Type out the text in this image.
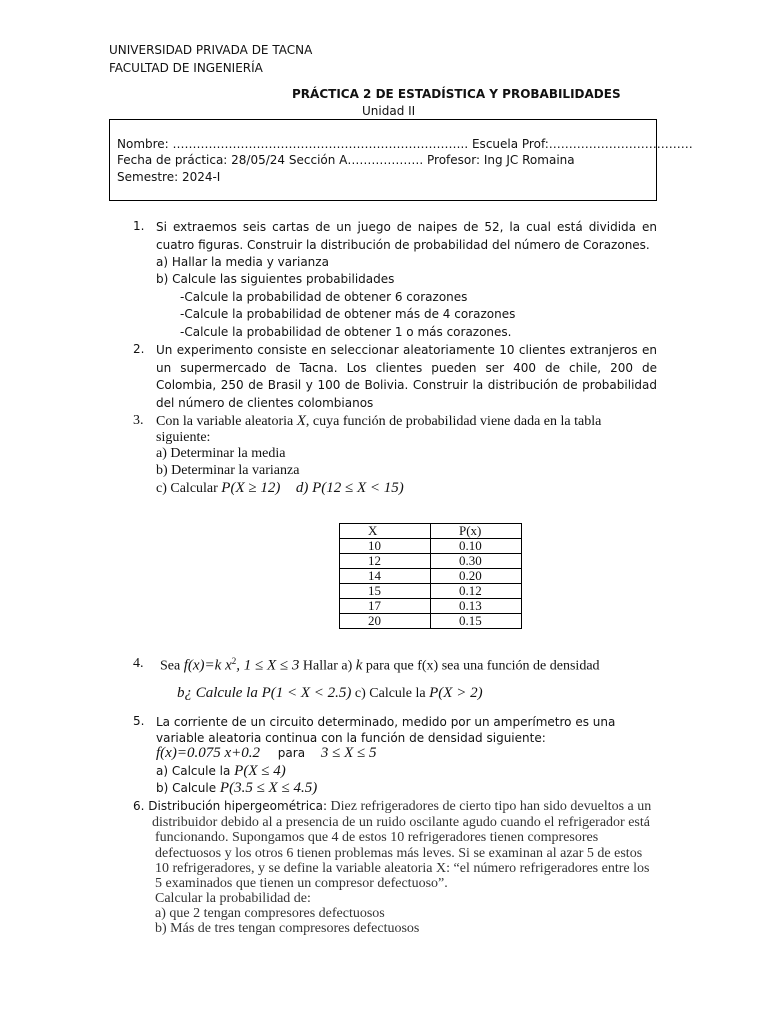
UNIVERSIDAD PRIVADA DE TACNA
FACULTAD DE INGENIERÍA
PRÁCTICA 2 DE ESTADÍSTICA Y PROBABILIDADES
Unidad II
Nombre: ……………………………………………………………….. Escuela Prof:………………………………
Fecha de práctica: 28/05/24 Sección A………………. Profesor: Ing JC Romaina
Semestre: 2024-I
1. Si extraemos seis cartas de un juego de naipes de 52, la cual está dividida en cuatro figuras. Construir la distribución de probabilidad del número de Corazones.
a) Hallar la media y varianza
b) Calcule las siguientes probabilidades
-Calcule la probabilidad de obtener 6 corazones
-Calcule la probabilidad de obtener más de 4 corazones
-Calcule la probabilidad de obtener 1 o más corazones.
2. Un experimento consiste en seleccionar aleatoriamente 10 clientes extranjeros en un supermercado de Tacna. Los clientes pueden ser 400 de chile, 200 de Colombia, 250 de Brasil y 100 de Bolivia. Construir la distribución de probabilidad del número de clientes colombianos
3. Con la variable aleatoria X, cuya función de probabilidad viene dada en la tabla
siguiente:
a) Determinar la media
b) Determinar la varianza
c) Calcular P(X ≥ 12) d) P(12 ≤ X < 15)
X	P(x)
10	0.10
12	0.30
14	0.20
15	0.12
17	0.13
20	0.15
4. Sea f(x)=k $x^2$, 1 ≤ X ≤ 3 Hallar a) k para que f(x) sea una función de densidad
b¿ Calcule la P(1 < X < 2.5) c) Calcule la P(X > 2)
5. La corriente de un circuito determinado, medido por un amperímetro es una variable aleatoria continua con la función de densidad siguiente:
f(x)=0.075 x+0.2 para 3 ≤ X ≤ 5
a) Calcule la P(X ≤ 4)
b) Calcule P(3.5 ≤ X ≤ 4.5)
6. Distribución hipergeométrica: Diez refrigeradores de cierto tipo han sido devueltos a un
distribuidor debido al a presencia de un ruido oscilante agudo cuando el refrigerador está
funcionando. Supongamos que 4 de estos 10 refrigeradores tienen compresores
defectuosos y los otros 6 tienen problemas más leves. Si se examinan al azar 5 de estos
10 refrigeradores, y se define la variable aleatoria X: “el número refrigeradores entre los
5 examinados que tienen un compresor defectuoso”.
Calcular la probabilidad de:
a) que 2 tengan compresores defectuosos
b) Más de tres tengan compresores defectuosos
